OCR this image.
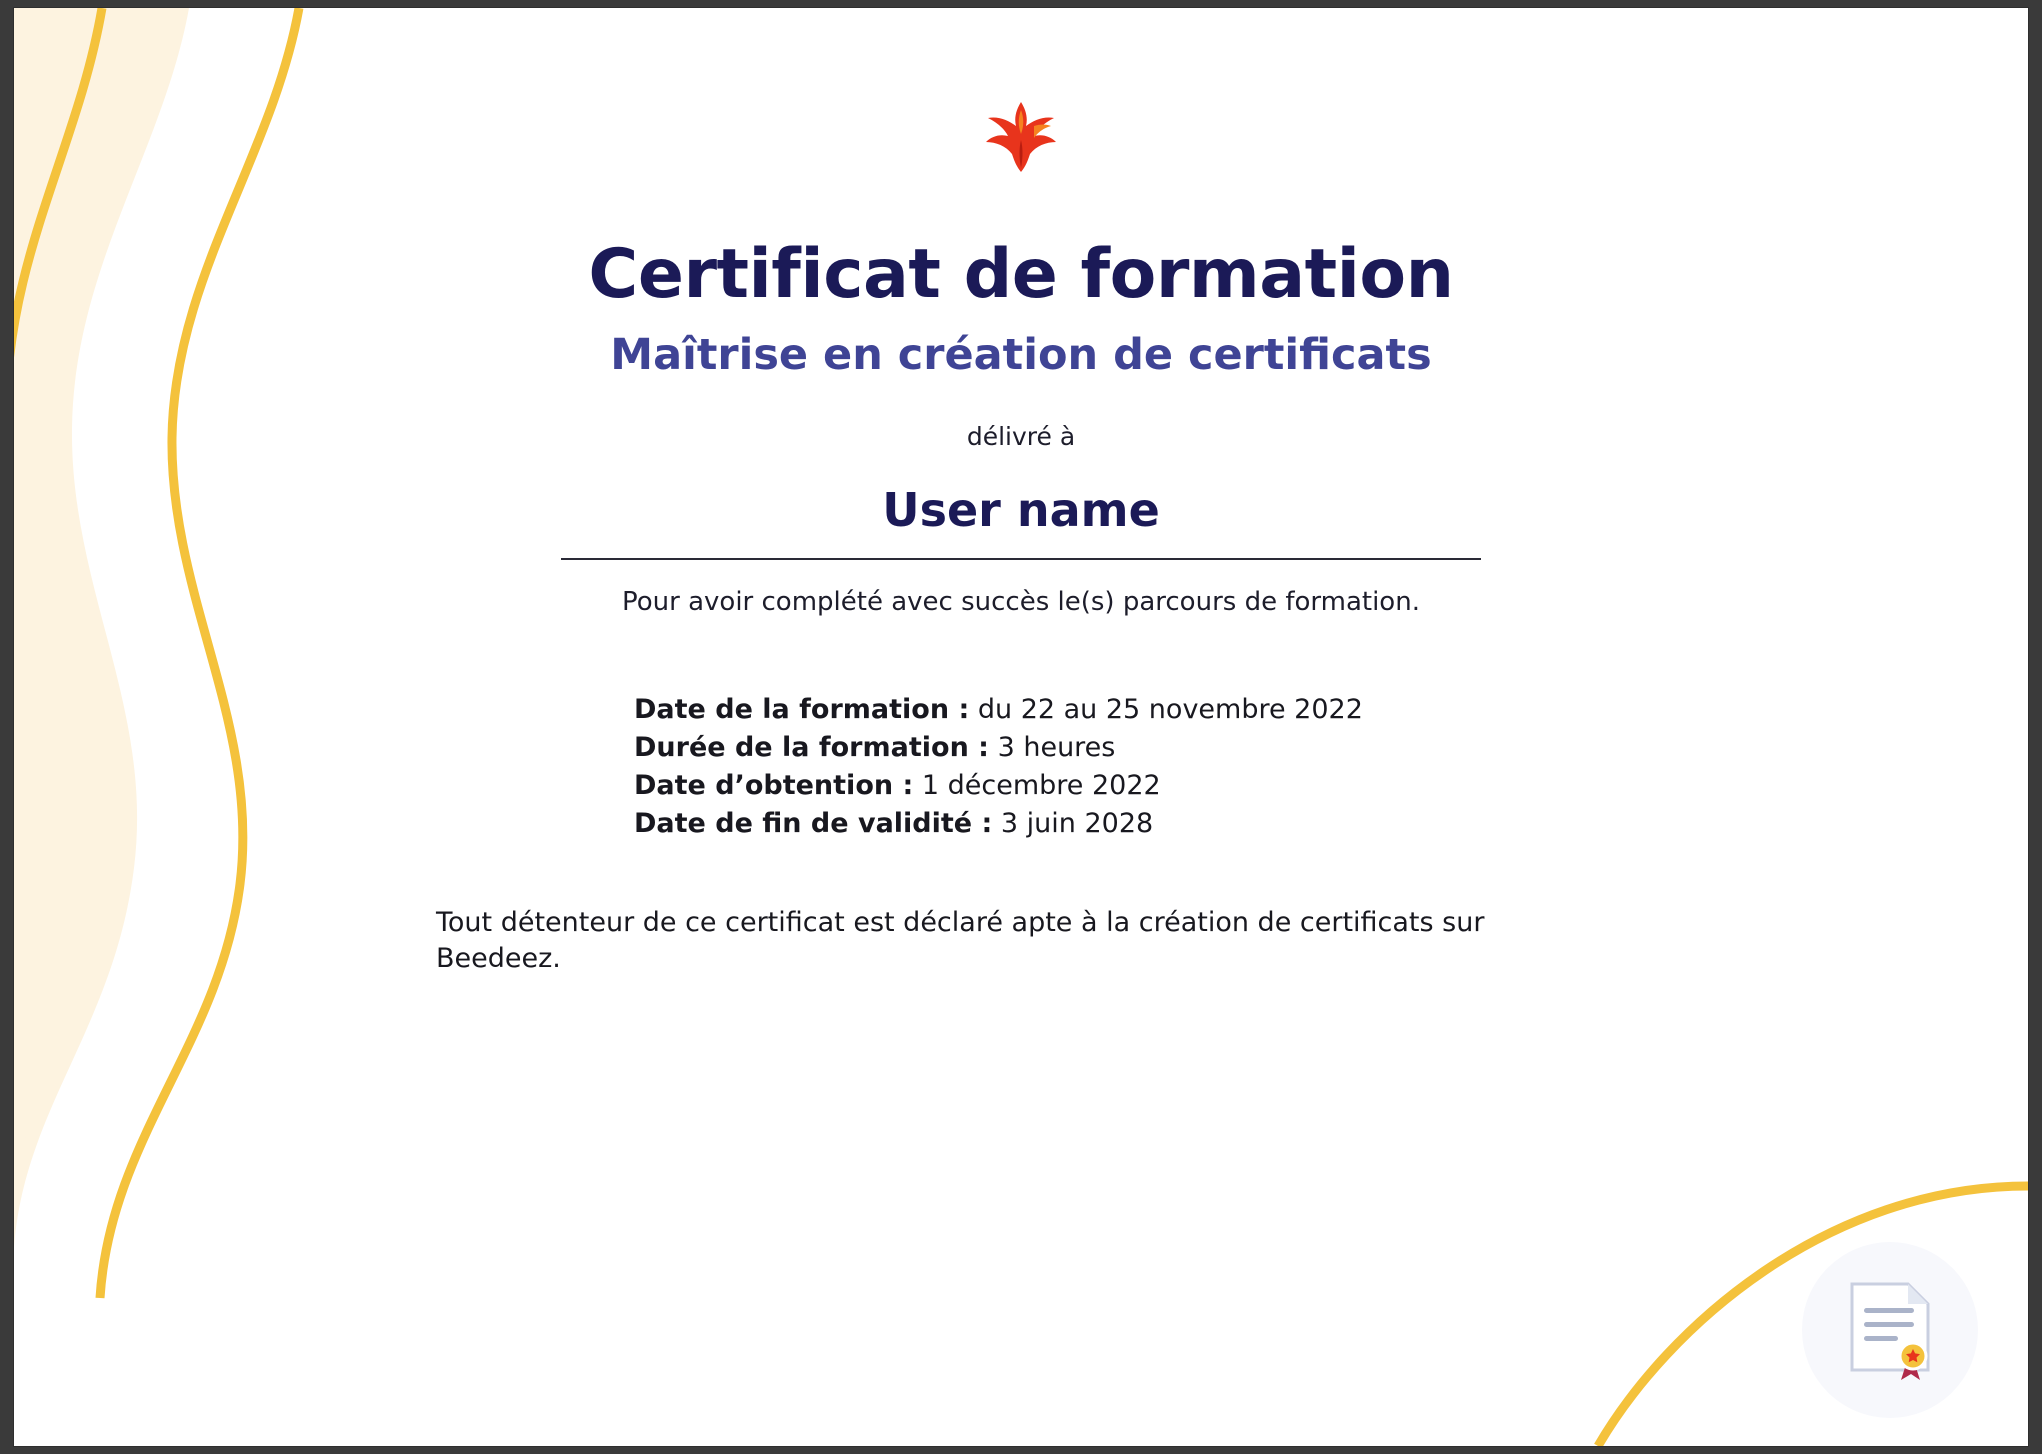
Certificat de formation
Maîtrise en création de certificats
délivré à
User name
Pour avoir complété avec succès le(s) parcours de formation.
Date de la formation : du 22 au 25 novembre 2022
Durée de la formation : 3 heures
Date d’obtention : 1 décembre 2022
Date de fin de validité : 3 juin 2028
Tout détenteur de ce certificat est déclaré apte à la création de certificats sur Beedeez.
